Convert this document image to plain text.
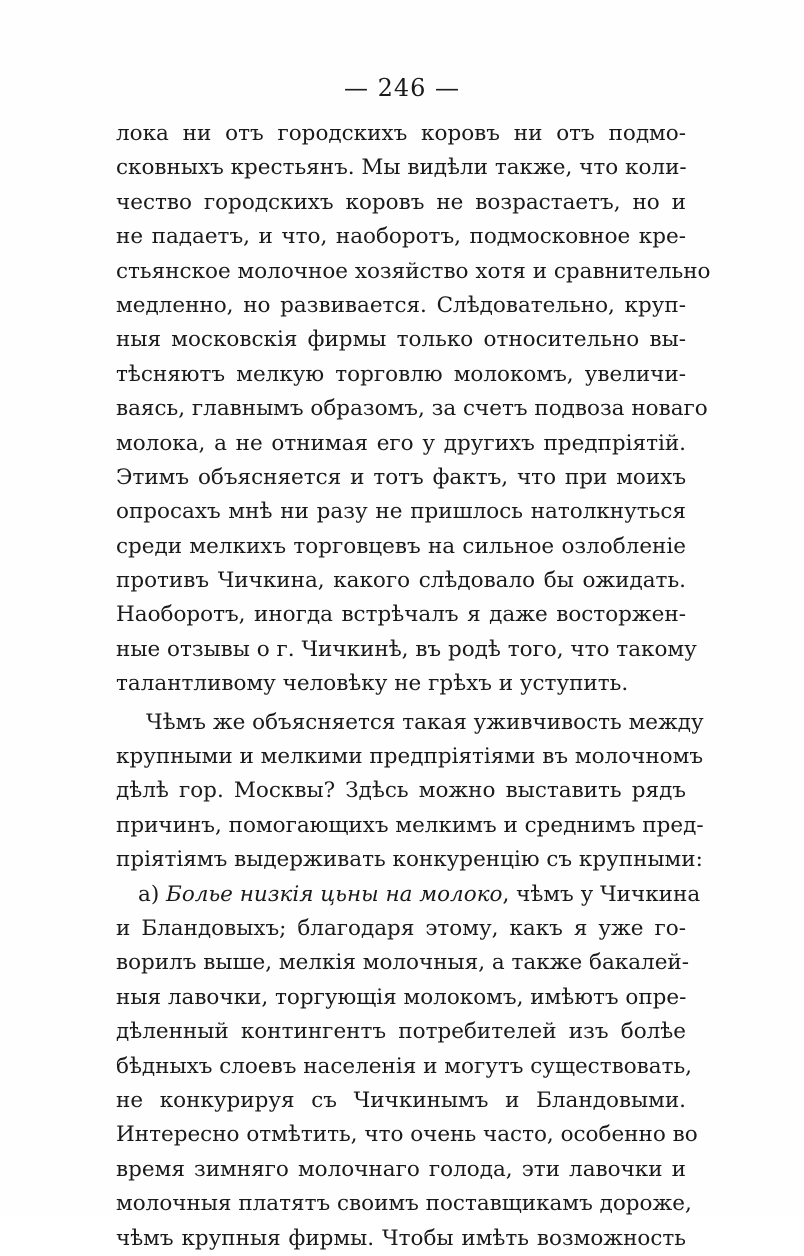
— 246 —
лока ни отъ городскихъ коровъ ни отъ подмо-
сковныхъ крестьянъ. Мы видѣли также, что коли-
чество городскихъ коровъ не возрастаетъ, но и
не падаетъ, и что, наоборотъ, подмосковное кре-
стьянское молочное хозяйство хотя и сравнительно
медленно, но развивается. Слѣдовательно, круп-
ныя московскія фирмы только относительно вы-
тѣсняютъ мелкую торговлю молокомъ, увеличи-
ваясь, главнымъ образомъ, за счетъ подвоза новаго
молока, а не отнимая его у другихъ предпріятій.
Этимъ объясняется и тотъ фактъ, что при моихъ
опросахъ мнѣ ни разу не пришлось натолкнуться
среди мелкихъ торговцевъ на сильное озлобленіе
противъ Чичкина, какого слѣдовало бы ожидать.
Наоборотъ, иногда встрѣчалъ я даже восторжен-
ные отзывы о г. Чичкинѣ, въ родѣ того, что такому
талантливому человѣку не грѣхъ и уступить.
Чѣмъ же объясняется такая уживчивость между
крупными и мелкими предпріятіями въ молочномъ
дѣлѣ гор. Москвы? Здѣсь можно выставить рядъ
причинъ, помогающихъ мелкимъ и среднимъ пред-
пріятіямъ выдерживать конкуренцію съ крупными:
а) Болье низкія цьны на молоко, чѣмъ у Чичкина
и Бландовыхъ; благодаря этому, какъ я уже го-
ворилъ выше, мелкія молочныя, а также бакалей-
ныя лавочки, торгующія молокомъ, имѣютъ опре-
дѣленный контингентъ потребителей изъ болѣе
бѣдныхъ слоевъ населенія и могутъ существовать,
не конкурируя съ Чичкинымъ и Бландовыми.
Интересно отмѣтить, что очень часто, особенно во
время зимняго молочнаго голода, эти лавочки и
молочныя платятъ своимъ поставщикамъ дороже,
чѣмъ крупныя фирмы. Чтобы имѣть возможность
